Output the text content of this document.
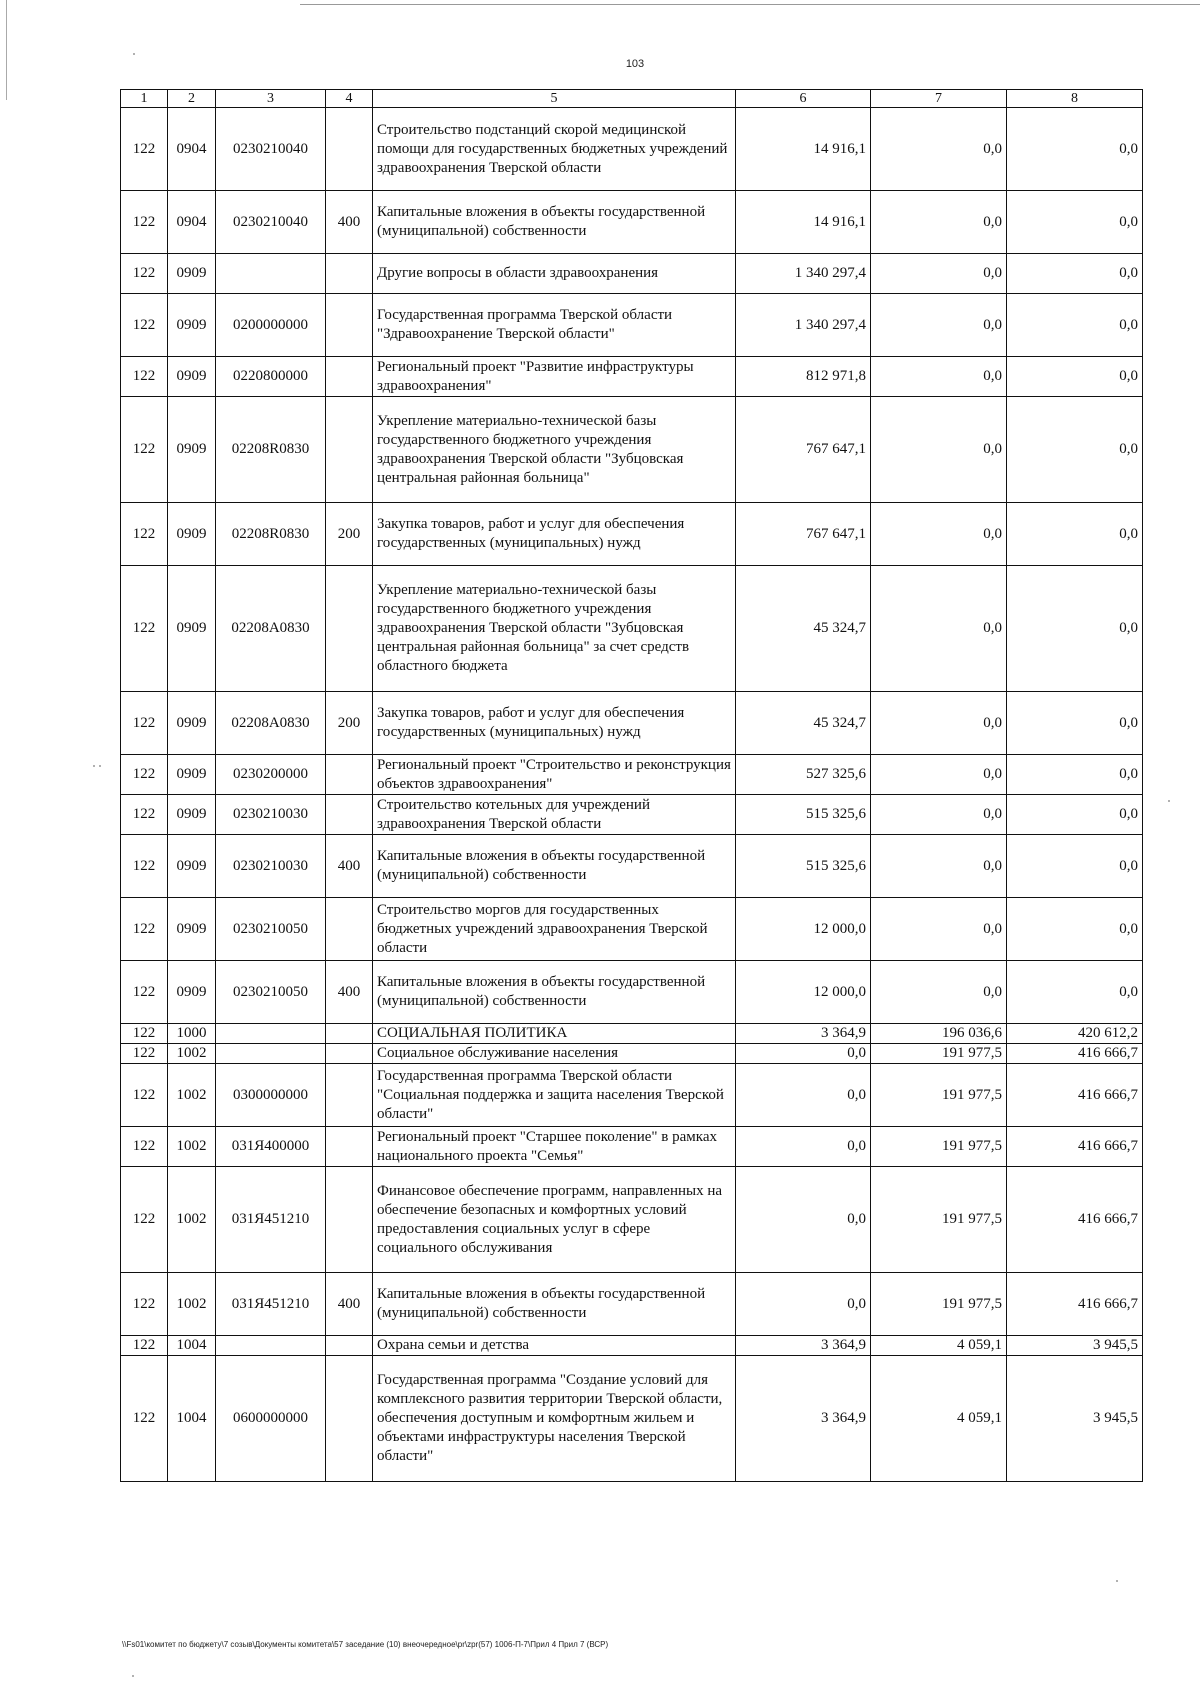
103
1	2	3	4	5	6	7	8
122	0904	0230210040		Строительство подстанций скорой медицинской помощи для государственных бюджетных учреждений здравоохранения Тверской области	14 916,1	0,0	0,0
122	0904	0230210040	400	Капитальные вложения в объекты государственной (муниципальной) собственности	14 916,1	0,0	0,0
122	0909			Другие вопросы в области здравоохранения	1 340 297,4	0,0	0,0
122	0909	0200000000		Государственная программа Тверской области "Здравоохранение Тверской области"	1 340 297,4	0,0	0,0
122	0909	0220800000		Региональный проект "Развитие инфраструктуры здравоохранения"	812 971,8	0,0	0,0
122	0909	02208R0830		Укрепление материально-технической базы государственного бюджетного учреждения здравоохранения Тверской области "Зубцовская центральная районная больница"	767 647,1	0,0	0,0
122	0909	02208R0830	200	Закупка товаров, работ и услуг для обеспечения государственных (муниципальных) нужд	767 647,1	0,0	0,0
122	0909	02208A0830		Укрепление материально-технической базы государственного бюджетного учреждения здравоохранения Тверской области "Зубцовская центральная районная больница" за счет средств областного бюджета	45 324,7	0,0	0,0
122	0909	02208A0830	200	Закупка товаров, работ и услуг для обеспечения государственных (муниципальных) нужд	45 324,7	0,0	0,0
122	0909	0230200000		Региональный проект "Строительство и реконструкция объектов здравоохранения"	527 325,6	0,0	0,0
122	0909	0230210030		Строительство котельных для учреждений здравоохранения Тверской области	515 325,6	0,0	0,0
122	0909	0230210030	400	Капитальные вложения в объекты государственной (муниципальной) собственности	515 325,6	0,0	0,0
122	0909	0230210050		Строительство моргов для государственных бюджетных учреждений здравоохранения Тверской области	12 000,0	0,0	0,0
122	0909	0230210050	400	Капитальные вложения в объекты государственной (муниципальной) собственности	12 000,0	0,0	0,0
122	1000			СОЦИАЛЬНАЯ ПОЛИТИКА	3 364,9	196 036,6	420 612,2
122	1002			Социальное обслуживание населения	0,0	191 977,5	416 666,7
122	1002	0300000000		Государственная программа Тверской области "Социальная поддержка и защита населения Тверской области"	0,0	191 977,5	416 666,7
122	1002	031Я400000		Региональный проект "Старшее поколение" в рамках национального проекта "Семья"	0,0	191 977,5	416 666,7
122	1002	031Я451210		Финансовое обеспечение программ, направленных на обеспечение безопасных и комфортных условий предоставления социальных услуг в сфере социального обслуживания	0,0	191 977,5	416 666,7
122	1002	031Я451210	400	Капитальные вложения в объекты государственной (муниципальной) собственности	0,0	191 977,5	416 666,7
122	1004			Охрана семьи и детства	3 364,9	4 059,1	3 945,5
122	1004	0600000000		Государственная программа "Создание условий для комплексного развития территории Тверской области, обеспечения доступным и комфортным жильем и объектами инфраструктуры населения Тверской области"	3 364,9	4 059,1	3 945,5
\\Fs01\комитет по бюджету\7 созыв\Документы комитета\57 заседание (10) внеочередное\pr\zpr(57) 1006-П-7\Прил 4 Прил 7 (ВСР)
